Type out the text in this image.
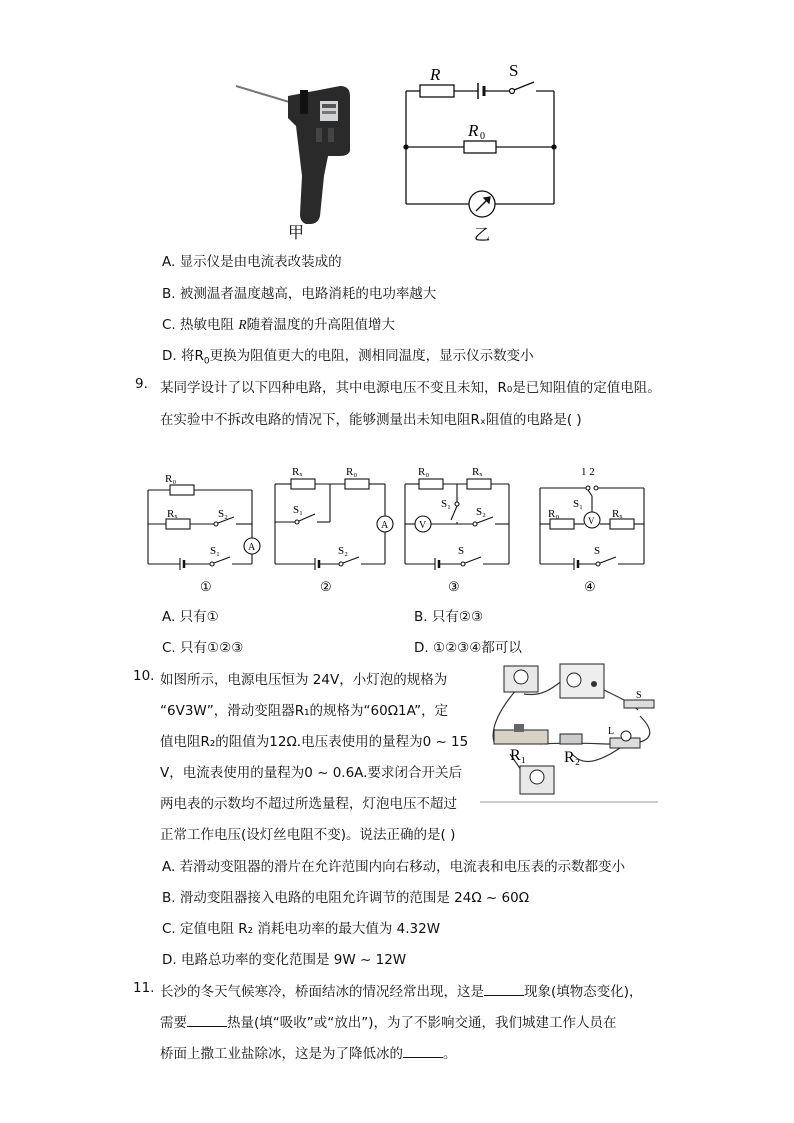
甲
R	S
R 0
乙
A. 显示仪是由电流表改装成的
B. 被测温者温度越高，电路消耗的电功率越大
C. 热敏电阻 R随着温度的升高阻值增大
D. 将$R_0$更换为阻值更大的电阻，测相同温度，显示仪示数变小
9. 某同学设计了以下四种电路，其中电源电压不变且未知，R₀是已知阻值的定值电阻。
在实验中不拆改电路的情况下，能够测量出未知电阻Rₓ阻值的电路是( )
R₀
Rₓ	S₂
S₁	A
①
Rₓ	R₀
S₁
S₂
A
②
R₀	Rₓ
S₁
S₂
V
S
③
1 2
S₁
R₀	Rₓ
V
S
④
A. 只有①	B. 只有②③
C. 只有①②③	D. ①②③④都可以
10. 如图所示，电源电压恒为 24V，小灯泡的规格为
“6V3W”，滑动变阻器R₁的规格为“60Ω1A”，定
值电阻R₂的阻值为12Ω.电压表使用的量程为0 ~ 15
V，电流表使用的量程为0 ~ 0.6A.要求闭合开关后
两电表的示数均不超过所选量程，灯泡电压不超过
正常工作电压(设灯丝电阻不变)。说法正确的是( )
R₁ R₂
L
S
A. 若滑动变阻器的滑片在允许范围内向右移动，电流表和电压表的示数都变小
B. 滑动变阻器接入电路的电阻允许调节的范围是 24Ω ~ 60Ω
C. 定值电阻 R₂ 消耗电功率的最大值为 4.32W
D. 电路总功率的变化范围是 9W ~ 12W
11. 长沙的冬天气候寒冷，桥面结冰的情况经常出现，这是	现象(填物态变化)，
需要	热量(填“吸收”或“放出”)，为了不影响交通，我们城建工作人员在
桥面上撒工业盐除冰，这是为了降低冰的	。
